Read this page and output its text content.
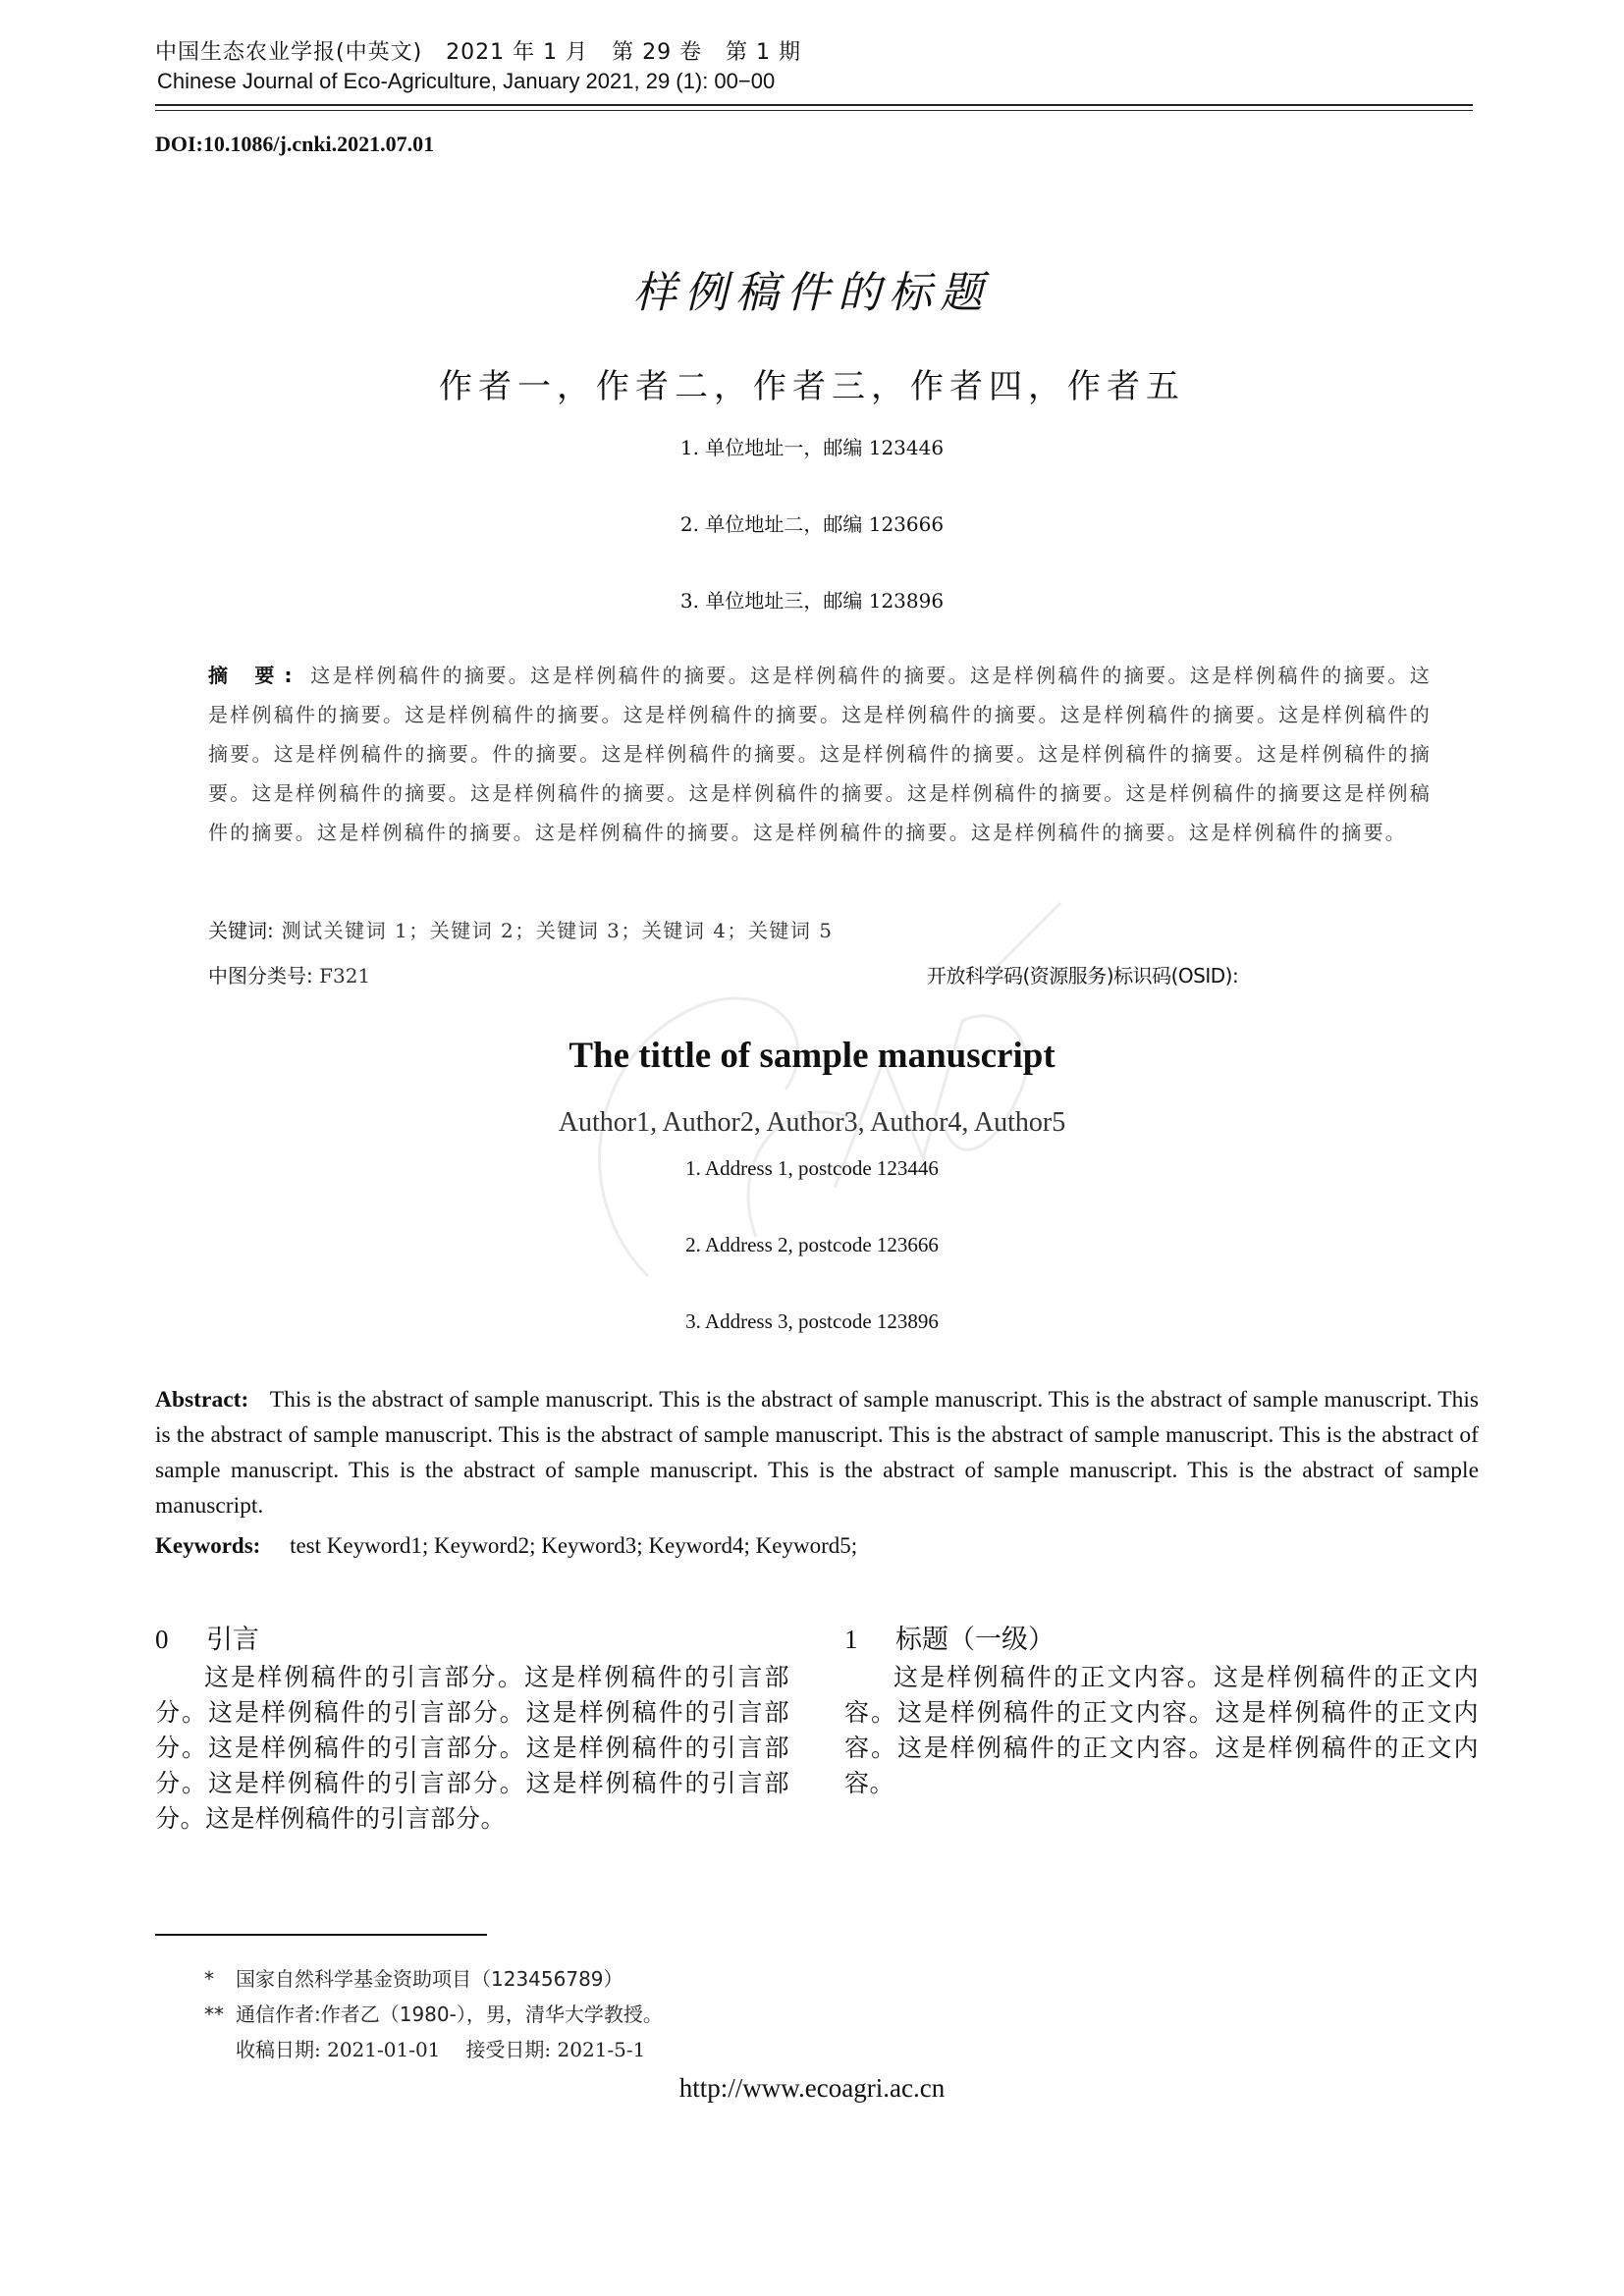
中国生态农业学报(中英文)   2021 年 1 月   第 29 卷   第 1 期
Chinese Journal of Eco-Agriculture, January 2021, 29 (1): 00−00
DOI:10.1086/j.cnki.2021.07.01
样例稿件的标题
作者一，作者二，作者三，作者四，作者五
1. 单位地址一，邮编 123446
2. 单位地址二，邮编 123666
3. 单位地址三，邮编 123896
摘 要: 这是样例稿件的摘要。这是样例稿件的摘要。这是样例稿件的摘要。这是样例稿件的摘要。这是样例稿件的摘要。这是样例稿件的摘要。这是样例稿件的摘要。这是样例稿件的摘要。这是样例稿件的摘要。这是样例稿件的摘要。这是样例稿件的摘要。这是样例稿件的摘要。件的摘要。这是样例稿件的摘要。这是样例稿件的摘要。这是样例稿件的摘要。这是样例稿件的摘要。这是样例稿件的摘要。这是样例稿件的摘要。这是样例稿件的摘要。这是样例稿件的摘要。这是样例稿件的摘要这是样例稿件的摘要。这是样例稿件的摘要。这是样例稿件的摘要。这是样例稿件的摘要。这是样例稿件的摘要。这是样例稿件的摘要。
关键词: 测试关键词 1；关键词 2；关键词 3；关键词 4；关键词 5
中图分类号: F321	开放科学码(资源服务)标识码(OSID):
The tittle of sample manuscript
Author1, Author2, Author3, Author4, Author5
1. Address 1, postcode 123446
2. Address 2, postcode 123666
3. Address 3, postcode 123896
Abstract: This is the abstract of sample manuscript. This is the abstract of sample manuscript. This is the abstract of sample manuscript. This is the abstract of sample manuscript. This is the abstract of sample manuscript. This is the abstract of sample manuscript. This is the abstract of sample manuscript. This is the abstract of sample manuscript. This is the abstract of sample manuscript. This is the abstract of sample manuscript.
Keywords: test Keyword1; Keyword2; Keyword3; Keyword4; Keyword5;
0 引言

这是样例稿件的引言部分。这是样例稿件的引言部分。这是样例稿件的引言部分。这是样例稿件的引言部分。这是样例稿件的引言部分。这是样例稿件的引言部分。这是样例稿件的引言部分。这是样例稿件的引言部分。这是样例稿件的引言部分。

1 标题（一级）

这是样例稿件的正文内容。这是样例稿件的正文内容。这是样例稿件的正文内容。这是样例稿件的正文内容。这是样例稿件的正文内容。这是样例稿件的正文内容。

* 国家自然科学基金资助项目（123456789）
** 通信作者:作者乙（1980-），男，清华大学教授。
收稿日期: 2021-01-01 接受日期: 2021-5-1
http://www.ecoagri.ac.cn
